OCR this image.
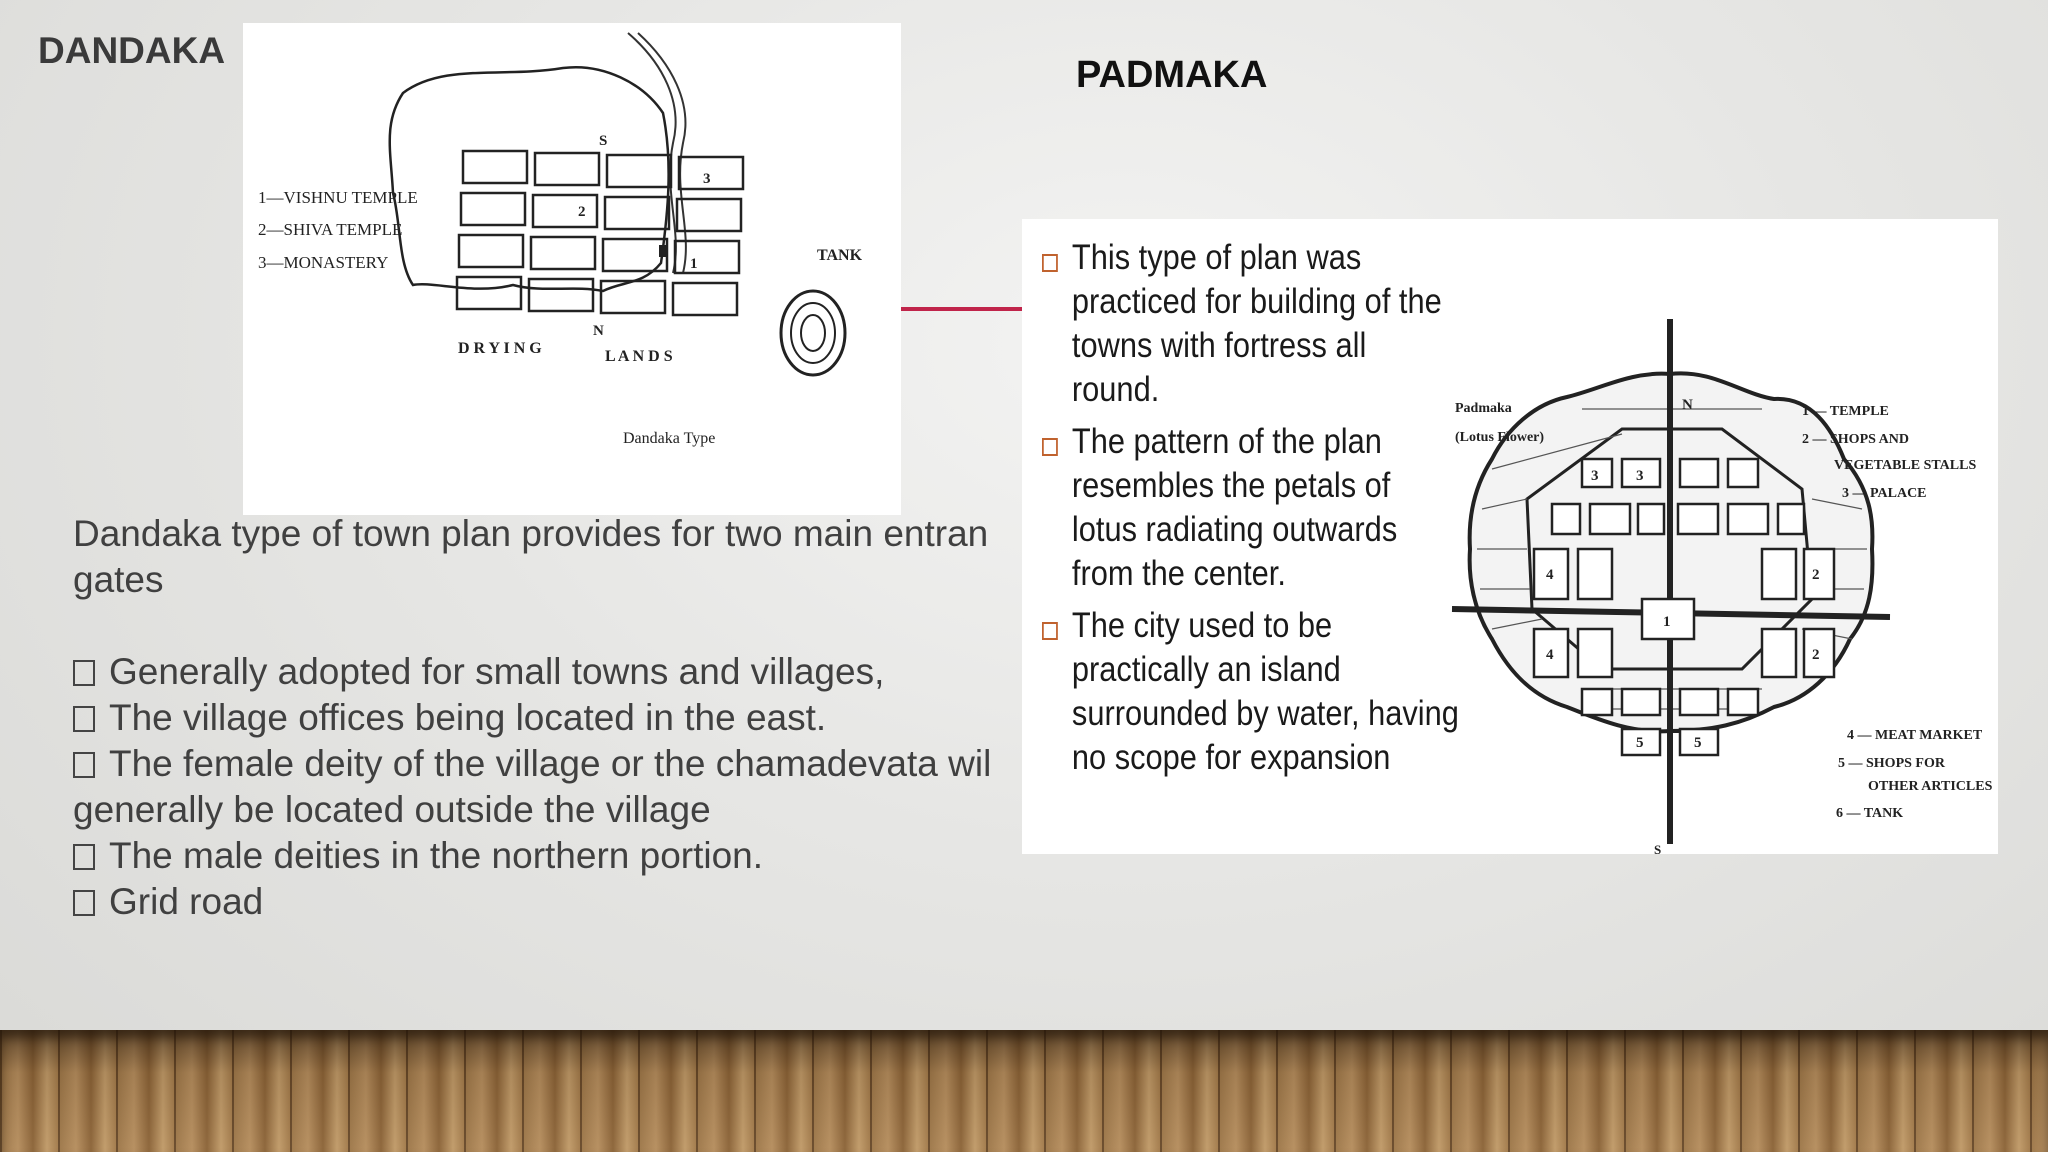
DANDAKA
PADMAKA
1—VISHNU TEMPLE
2—SHIVA TEMPLE
3—MONASTERY
S
N
TANK
D R Y I N G	L A N D S
Dandaka Type
3
2
1

Dandaka type of town plan provides for two main entran

gates

Generally adopted for small towns and villages,

The village offices being located in the east.

The female deity of the village or the chamadevata wil

generally be located outside the village

The male deities in the northern portion.

Grid road

Padmaka
(Lotus Flower)
N
S
1 — TEMPLE
2 — SHOPS AND
VEGETABLE STALLS
3 — PALACE
4 — MEAT MARKET
5 — SHOPS FOR
OTHER ARTICLES
6 — TANK
3	3
4
4
1
2
2
5	5
This type of plan was practiced for building of the towns with fortress all round.
The pattern of the plan resembles the petals of lotus radiating outwards from the center.
The city used to be practically an island surrounded by water, having no scope for expansion
